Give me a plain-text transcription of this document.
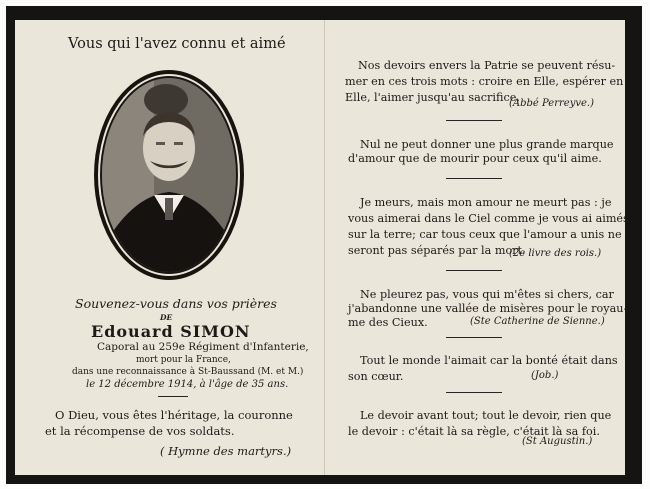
Vous qui l'avez connu et aimé
Souvenez-vous dans vos prières
DE
Edouard SIMON
Caporal au 259e Régiment d'Infanterie,
mort pour la France,
dans une reconnaissance à St-Baussand (M. et M.)
le 12 décembre 1914, à l'âge de 35 ans.
O Dieu, vous êtes l'héritage, la couronne
et la récompense de vos soldats.
( Hymne des martyrs.)
Nos devoirs envers la Patrie se peuvent résu-
mer en ces trois mots : croire en Elle, espérer en
Elle, l'aimer jusqu'au sacrifice.
(Abbé Perreyve.)
Nul ne peut donner une plus grande marque
d'amour que de mourir pour ceux qu'il aime.
Je meurs, mais mon amour ne meurt pas : je
vous aimerai dans le Ciel comme je vous ai aimés
sur la terre; car tous ceux que l'amour a unis ne
seront pas séparés par la mort.
(2e livre des rois.)
Ne pleurez pas, vous qui m'êtes si chers, car
j'abandonne une vallée de misères pour le royau-
me des Cieux.	(Ste Catherine de Sienne.)
Tout le monde l'aimait car la bonté était dans
son cœur.	(Job.)
Le devoir avant tout; tout le devoir, rien que
le devoir : c'était là sa règle, c'était là sa foi.
(St Augustin.)
